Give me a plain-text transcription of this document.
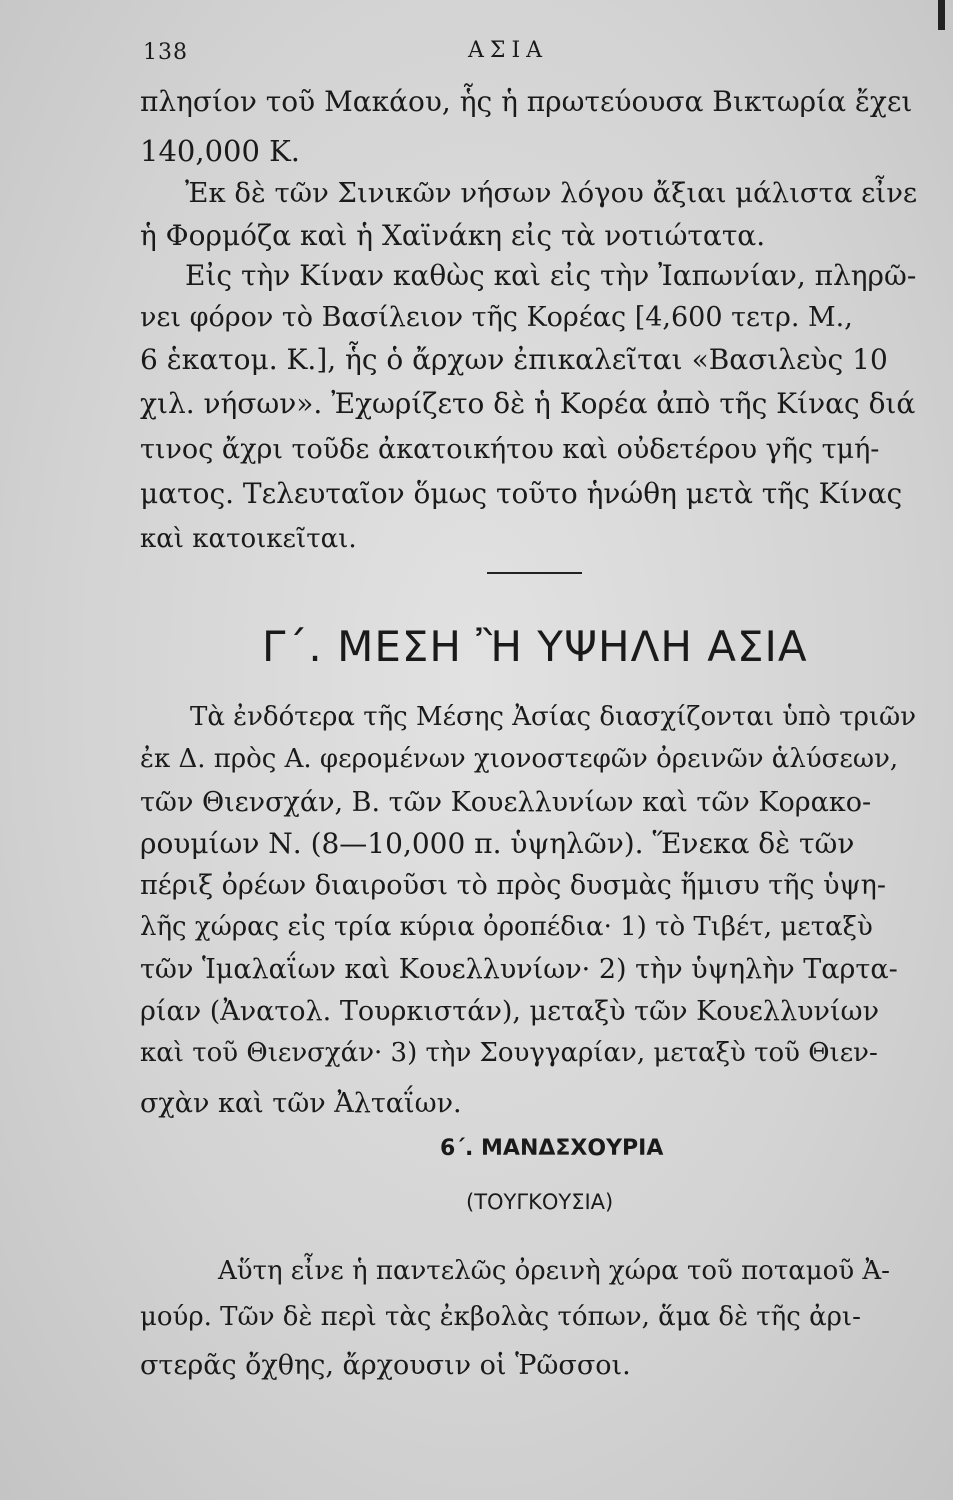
138	ΑΣΙΑ
πλησίον τοῦ Μακάου, ἧς ἡ πρωτεύουσα Βικτωρία ἔχει
140,000 Κ.
Ἐκ δὲ τῶν Σινικῶν νήσων λόγου ἄξιαι μάλιστα εἶνε
ἡ Φορμόζα καὶ ἡ Χαϊνάκη εἰς τὰ νοτιώτατα.
Εἰς τὴν Κίναν καθὼς καὶ εἰς τὴν Ἰαπωνίαν, πληρῶ-
νει φόρον τὸ Βασίλειον τῆς Κορέας [4,600 τετρ. Μ.,
6 ἑκατομ. Κ.], ἧς ὁ ἄρχων ἐπικαλεῖται «Βασιλεὺς 10
χιλ. νήσων». Ἐχωρίζετο δὲ ἡ Κορέα ἀπὸ τῆς Κίνας διά
τινος ἄχρι τοῦδε ἀκατοικήτου καὶ οὐδετέρου γῆς τμή-
ματος. Τελευταῖον ὅμως τοῦτο ἡνώθη μετὰ τῆς Κίνας
καὶ κατοικεῖται.
Γ΄. ΜΕΣΗ Ἢ ΥΨΗΛΗ ΑΣΙΑ
Τὰ ἐνδότερα τῆς Μέσης Ἀσίας διασχίζονται ὑπὸ τριῶν
ἐκ Δ. πρὸς Α. φερομένων χιονοστεφῶν ὀρεινῶν ἁλύσεων,
τῶν Θιενσχάν, Β. τῶν Κουελλυνίων καὶ τῶν Κορακο-
ρουμίων Ν. (8—10,000 π. ὑψηλῶν). Ἕνεκα δὲ τῶν
πέριξ ὀρέων διαιροῦσι τὸ πρὸς δυσμὰς ἥμισυ τῆς ὑψη-
λῆς χώρας εἰς τρία κύρια ὀροπέδια· 1) τὸ Τιβέτ, μεταξὺ
τῶν Ἱμαλαΐων καὶ Κουελλυνίων· 2) τὴν ὑψηλὴν Ταρτα-
ρίαν (Ἀνατολ. Τουρκιστάν), μεταξὺ τῶν Κουελλυνίων
καὶ τοῦ Θιενσχάν· 3) τὴν Σουγγαρίαν, μεταξὺ τοῦ Θιεν-
σχὰν καὶ τῶν Ἀλταΐων.
6΄. ΜΑΝΔΣΧΟΥΡΙΑ
(ΤΟΥΓΚΟΥΣΙΑ)
Αὕτη εἶνε ἡ παντελῶς ὀρεινὴ χώρα τοῦ ποταμοῦ Ἀ-
μούρ. Τῶν δὲ περὶ τὰς ἐκβολὰς τόπων, ἅμα δὲ τῆς ἀρι-
στερᾶς ὄχθης, ἄρχουσιν οἱ Ῥῶσσοι.
